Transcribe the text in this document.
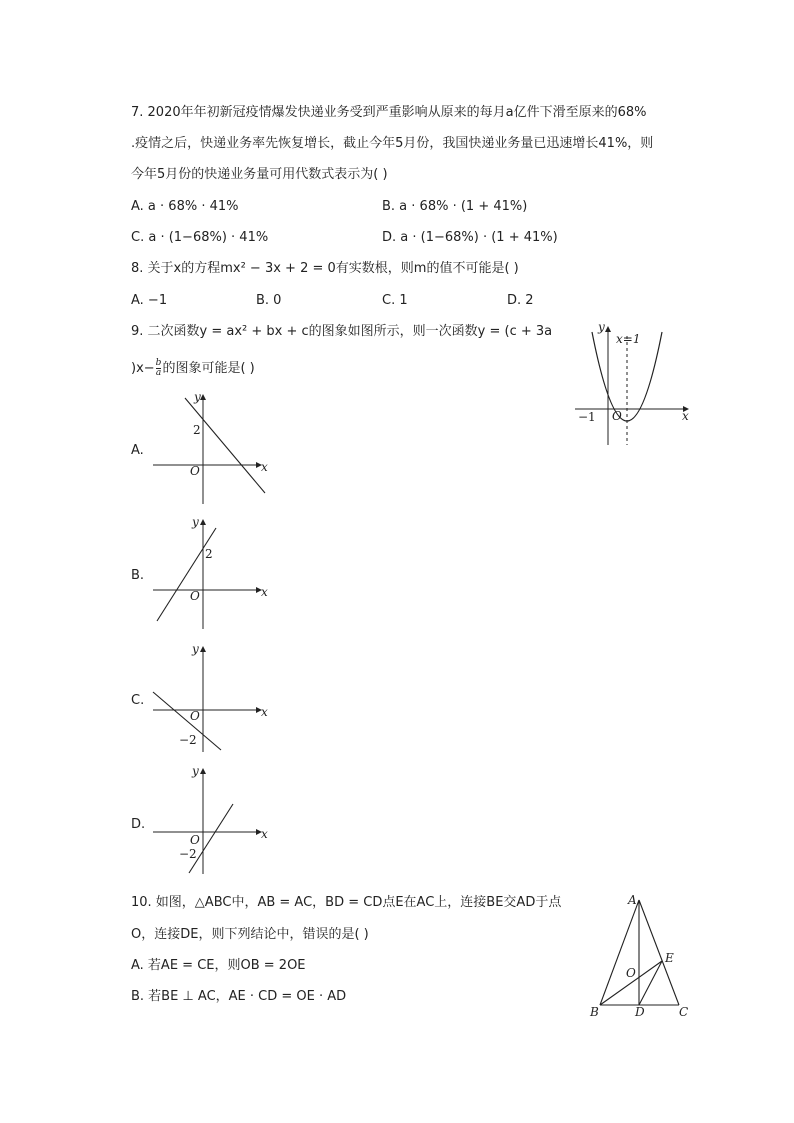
7. 2020年年初新冠疫情爆发快递业务受到严重影响从原来的每月a亿件下滑至原来的68%
.疫情之后，快递业务率先恢复增长，截止今年5月份，我国快递业务量已迅速增长41%，则
今年5月份的快递业务量可用代数式表示为( )
A. a · 68% · 41%	B. a · 68% · (1 + 41%)
C. a · (1−68%) · 41%	D. a · (1−68%) · (1 + 41%)
8. 关于x的方程mx² − 3x + 2 = 0有实数根，则m的值不可能是( )
A. −1	B. 0	C. 1	D. 2
9. 二次函数y = ax² + bx + c的图象如图所示，则一次函数y = (c + 3a
)$x- \frac{b}{a}$ 的图象可能是( )
y
x=1
−1 O	x
A.
y
2
O	x
B.
y
2
O	x
C.
y
O
−2
x
D.
y
O
−2
x
10. 如图，△ABC中，AB = AC，BD = CD点E在AC上，连接BE交AD于点
O，连接DE，则下列结论中，错误的是( )
A. 若AE = CE，则OB = 2OE
B. 若BE ⊥ AC，AE · CD = OE · AD
A
B	D	C
E
O
